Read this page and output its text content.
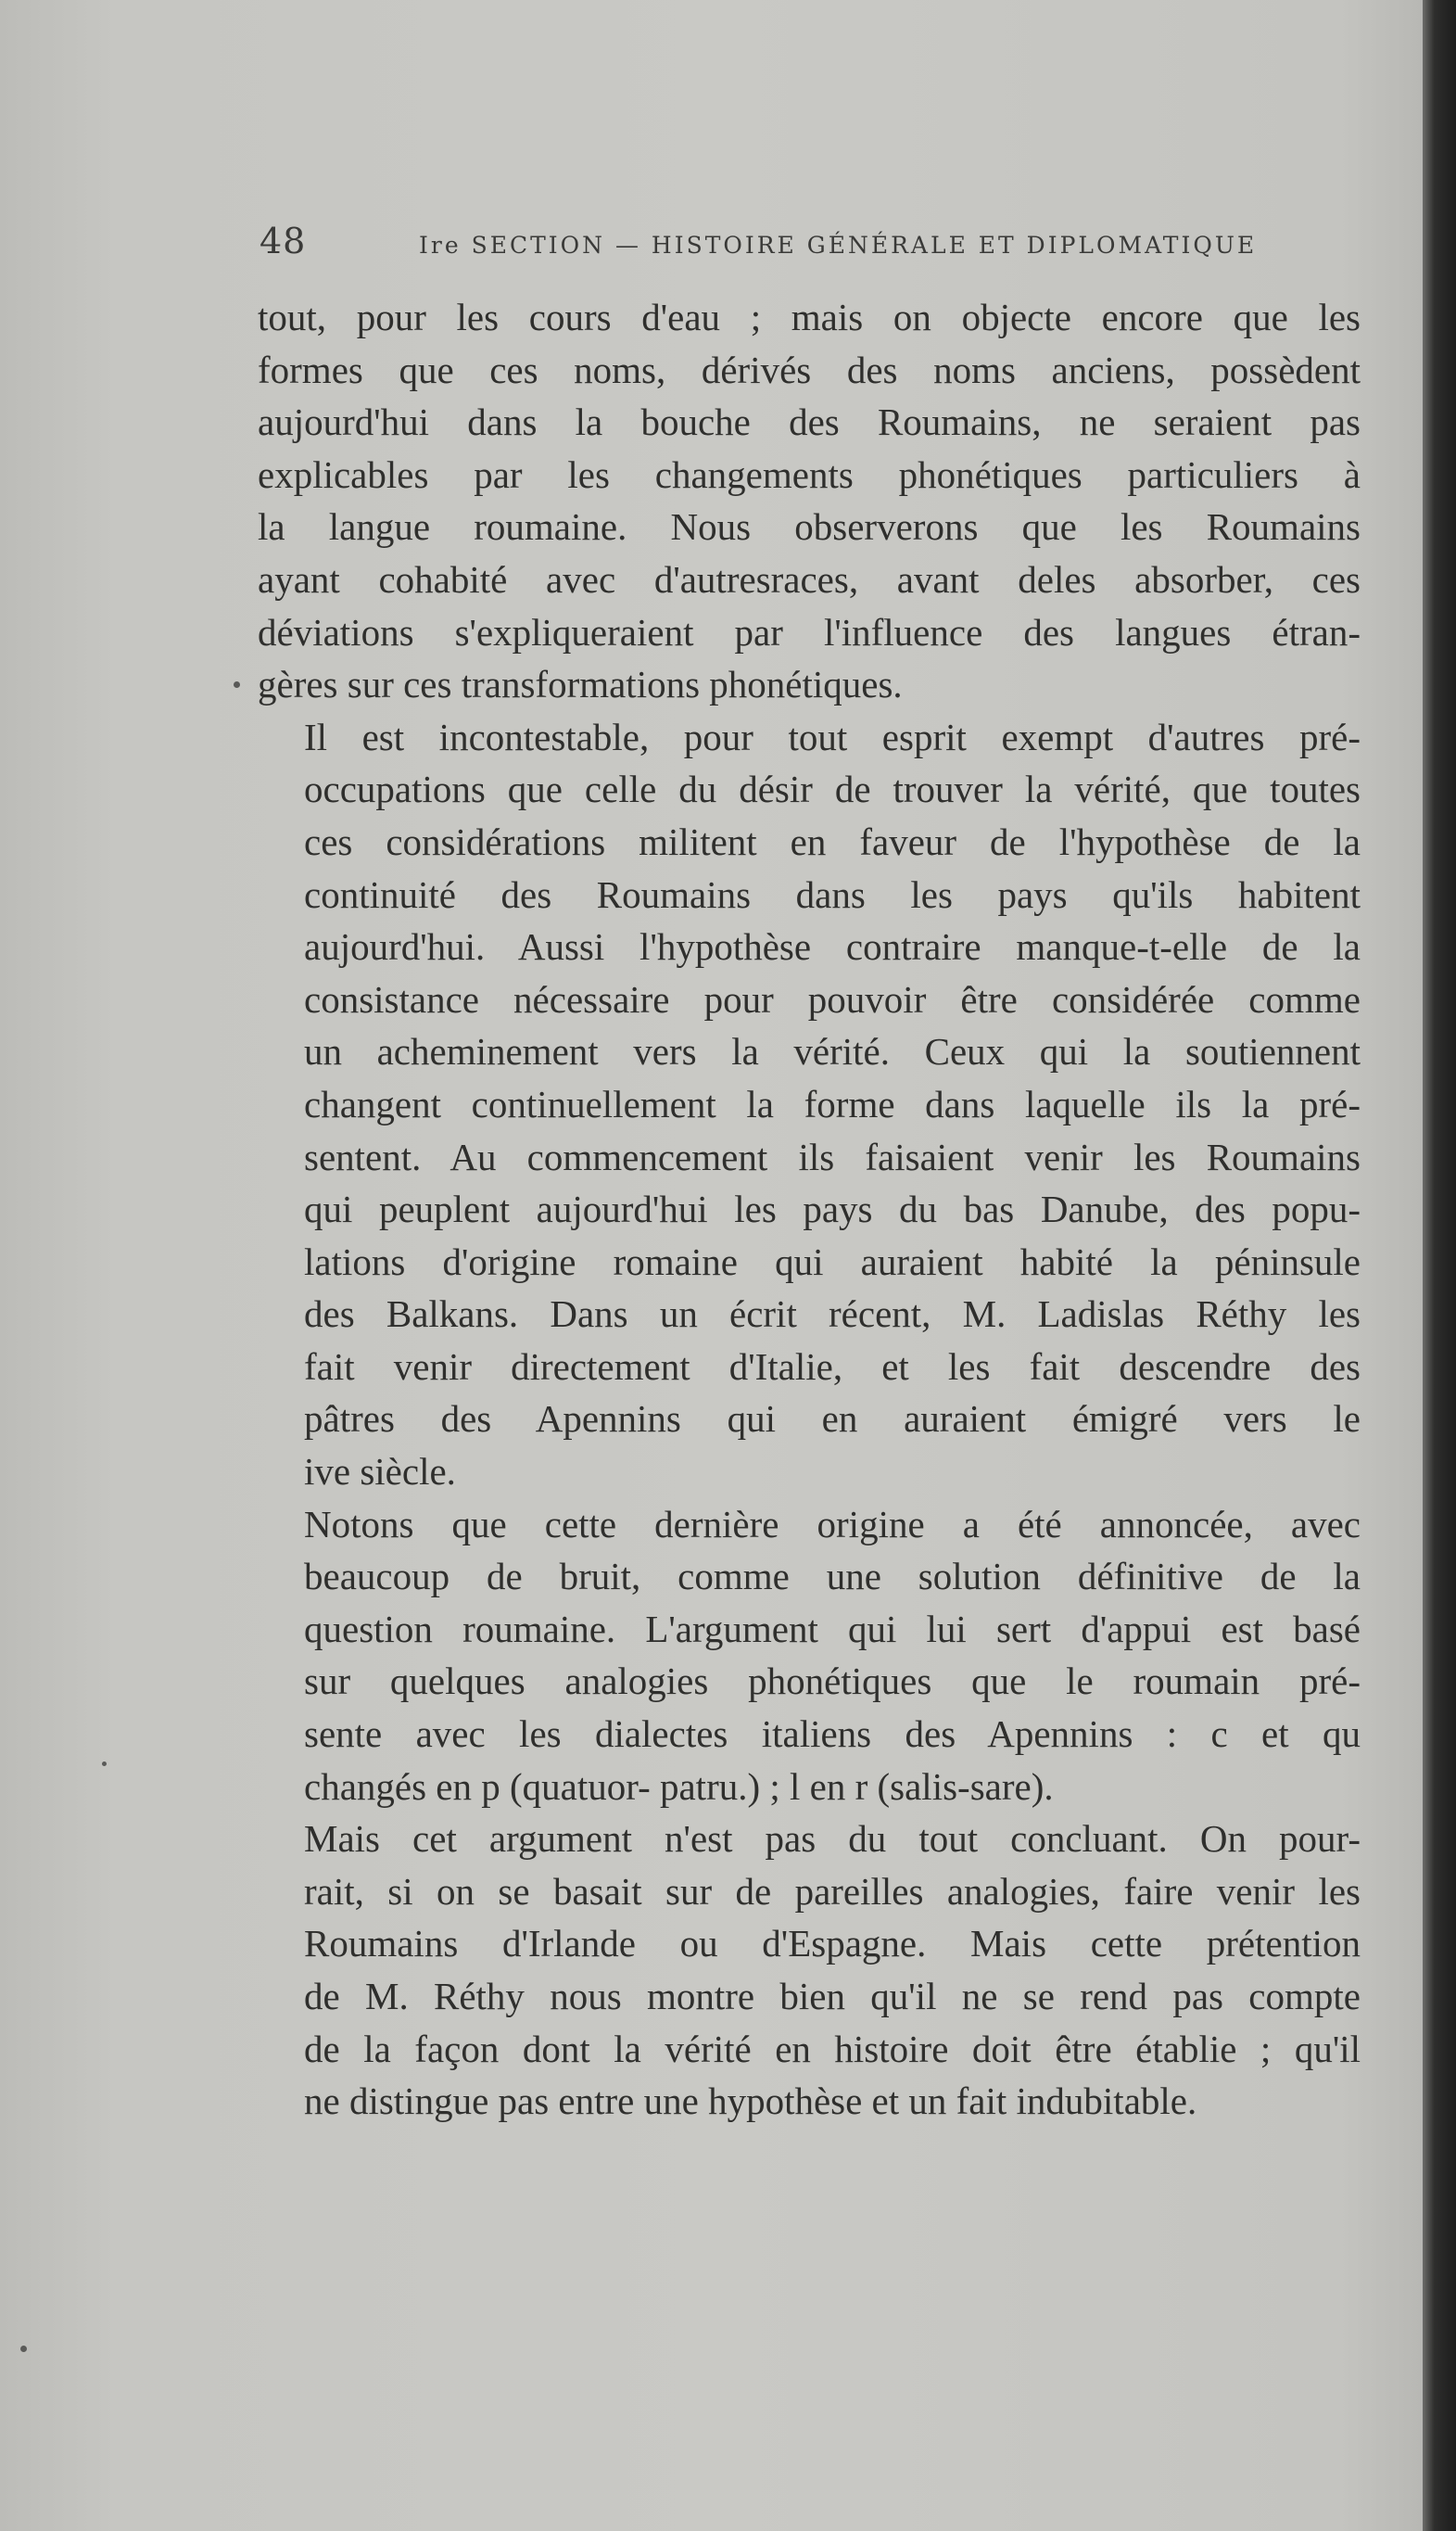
48	Ire SECTION — HISTOIRE GÉNÉRALE ET DIPLOMATIQUE

tout, pour les cours d'eau ; mais on objecte encore que les
formes que ces noms, dérivés des noms anciens, possèdent
aujourd'hui dans la bouche des Roumains, ne seraient pas
explicables par les changements phonétiques particuliers à
la langue roumaine. Nous observerons que les Roumains
ayant cohabité avec d'autresraces, avant deles absorber, ces
déviations s'expliqueraient par l'influence des langues étran-
gères sur ces transformations phonétiques.

Il est incontestable, pour tout esprit exempt d'autres pré-
occupations que celle du désir de trouver la vérité, que toutes
ces considérations militent en faveur de l'hypothèse de la
continuité des Roumains dans les pays qu'ils habitent
aujourd'hui. Aussi l'hypothèse contraire manque-t-elle de la
consistance nécessaire pour pouvoir être considérée comme
un acheminement vers la vérité. Ceux qui la soutiennent
changent continuellement la forme dans laquelle ils la pré-
sentent. Au commencement ils faisaient venir les Roumains
qui peuplent aujourd'hui les pays du bas Danube, des popu-
lations d'origine romaine qui auraient habité la péninsule
des Balkans. Dans un écrit récent, M. Ladislas Réthy les
fait venir directement d'Italie, et les fait descendre des
pâtres des Apennins qui en auraient émigré vers le
ive siècle.

Notons que cette dernière origine a été annoncée, avec
beaucoup de bruit, comme une solution définitive de la
question roumaine. L'argument qui lui sert d'appui est basé
sur quelques analogies phonétiques que le roumain pré-
sente avec les dialectes italiens des Apennins : c et qu
changés en p (quatuor- patru.) ; l en r (salis-sare).

Mais cet argument n'est pas du tout concluant. On pour-
rait, si on se basait sur de pareilles analogies, faire venir les
Roumains d'Irlande ou d'Espagne. Mais cette prétention
de M. Réthy nous montre bien qu'il ne se rend pas compte
de la façon dont la vérité en histoire doit être établie ; qu'il
ne distingue pas entre une hypothèse et un fait indubitable.
